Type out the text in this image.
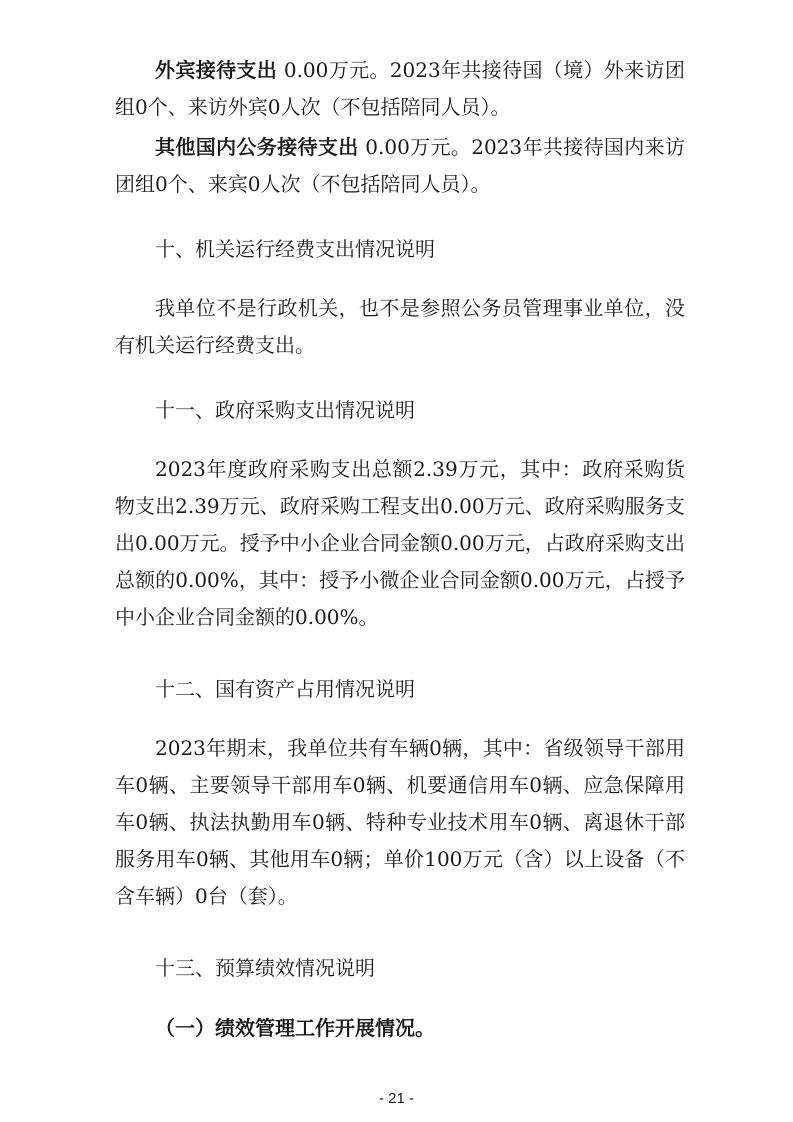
外宾接待支出 0.00万元。2023年共接待国（境）外来访团组0个、来访外宾0人次（不包括陪同人员）。

其他国内公务接待支出 0.00万元。2023年共接待国内来访团组0个、来宾0人次（不包括陪同人员）。

十、机关运行经费支出情况说明

我单位不是行政机关，也不是参照公务员管理事业单位，没有机关运行经费支出。

十一、政府采购支出情况说明

2023年度政府采购支出总额2.39万元，其中：政府采购货物支出2.39万元、政府采购工程支出0.00万元、政府采购服务支出0.00万元。授予中小企业合同金额0.00万元，占政府采购支出总额的0.00%，其中：授予小微企业合同金额0.00万元，占授予中小企业合同金额的0.00%。

十二、国有资产占用情况说明

2023年期末，我单位共有车辆0辆，其中：省级领导干部用车0辆、主要领导干部用车0辆、机要通信用车0辆、应急保障用车0辆、执法执勤用车0辆、特种专业技术用车0辆、离退休干部服务用车0辆、其他用车0辆；单价100万元（含）以上设备（不含车辆）0台（套）。

十三、预算绩效情况说明
（一）绩效管理工作开展情况。
- 21 -
